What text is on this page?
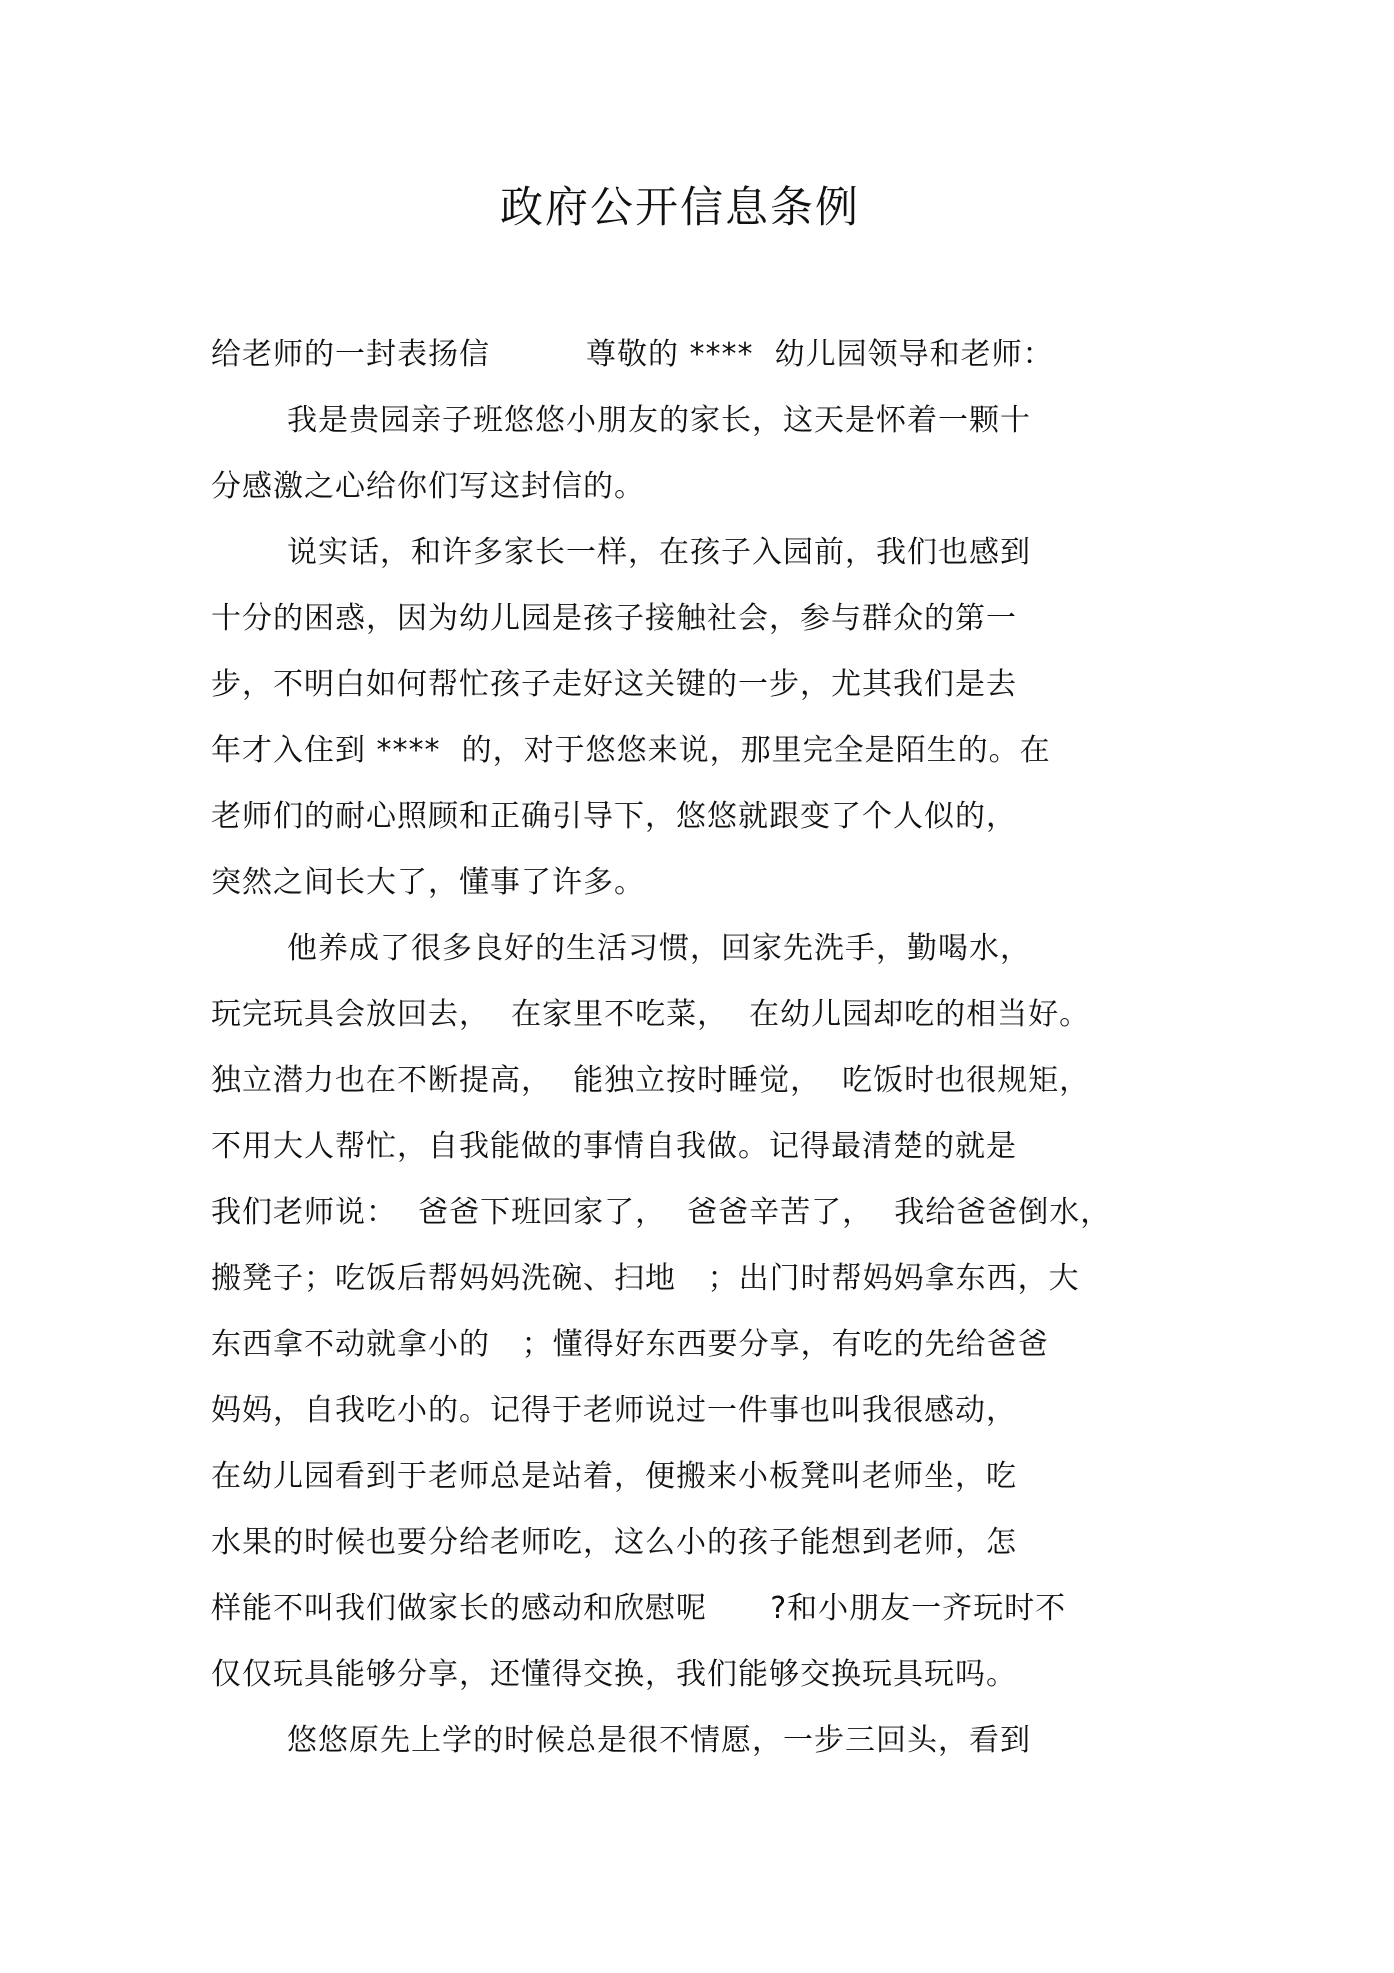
政府公开信息条例
给老师的一封表扬信	尊敬的 ****  幼儿园领导和老师：
我是贵园亲子班悠悠小朋友的家长，这天是怀着一颗十
分感激之心给你们写这封信的。
说实话，和许多家长一样，在孩子入园前，我们也感到
十分的困惑，因为幼儿园是孩子接触社会，参与群众的第一
步，不明白如何帮忙孩子走好这关键的一步，尤其我们是去
年才入住到 ****  的，对于悠悠来说，那里完全是陌生的。在
老师们的耐心照顾和正确引导下，悠悠就跟变了个人似的，
突然之间长大了，懂事了许多。
他养成了很多良好的生活习惯，回家先洗手，勤喝水，
玩完玩具会放回去，  在家里不吃菜，  在幼儿园却吃的相当好。
独立潜力也在不断提高，  能独立按时睡觉，  吃饭时也很规矩，
不用大人帮忙，自我能做的事情自我做。记得最清楚的就是
我们老师说：  爸爸下班回家了，  爸爸辛苦了，  我给爸爸倒水，
搬凳子；吃饭后帮妈妈洗碗、扫地   ；出门时帮妈妈拿东西，大
东西拿不动就拿小的   ；懂得好东西要分享，有吃的先给爸爸
妈妈，自我吃小的。记得于老师说过一件事也叫我很感动，
在幼儿园看到于老师总是站着，便搬来小板凳叫老师坐，吃
水果的时候也要分给老师吃，这么小的孩子能想到老师，怎
样能不叫我们做家长的感动和欣慰呢      ?和小朋友一齐玩时不
仅仅玩具能够分享，还懂得交换，我们能够交换玩具玩吗。
悠悠原先上学的时候总是很不情愿，一步三回头，看到
